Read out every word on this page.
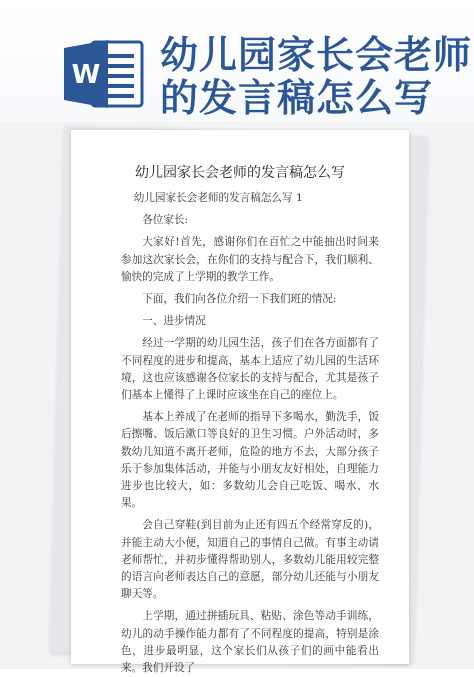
W 幼儿园家长会老师
的发言稿怎么写
幼儿园家长会老师的发言稿怎么写

幼儿园家长会老师的发言稿怎么写 1

各位家长:

大家好!首先，感谢你们在百忙之中能抽出时间来参加这次家长会，在你们的支持与配合下，我们顺利、愉快的完成了上学期的教学工作。

下面，我们向各位介绍一下我们班的情况:

一、进步情况

经过一学期的幼儿园生活，孩子们在各方面都有了不同程度的进步和提高，基本上适应了幼儿园的生活环境，这也应该感谢各位家长的支持与配合，尤其是孩子们基本上懂得了上课时应该坐在自己的座位上。

基本上养成了在老师的指导下多喝水，勤洗手，饭后擦嘴、饭后漱口等良好的卫生习惯。户外活动时，多数幼儿知道不离开老师，危险的地方不去，大部分孩子乐于参加集体活动，并能与小朋友友好相处，自理能力进步也比较大，如：多数幼儿会自己吃饭、喝水、水果。

会自己穿鞋(到目前为止还有四五个经常穿反的)，并能主动大小便，知道自己的事情自己做。有事主动请老师帮忙，并初步懂得帮助别人，多数幼儿能用较完整的语言向老师表达自己的意愿，部分幼儿还能与小朋友聊天等。

上学期，通过拼插玩具、粘贴、涂色等动手训练，幼儿的动手操作能力都有了不同程度的提高，特别是涂色，进步最明显，这个家长们从孩子们的画中能看出来。我们开设了
